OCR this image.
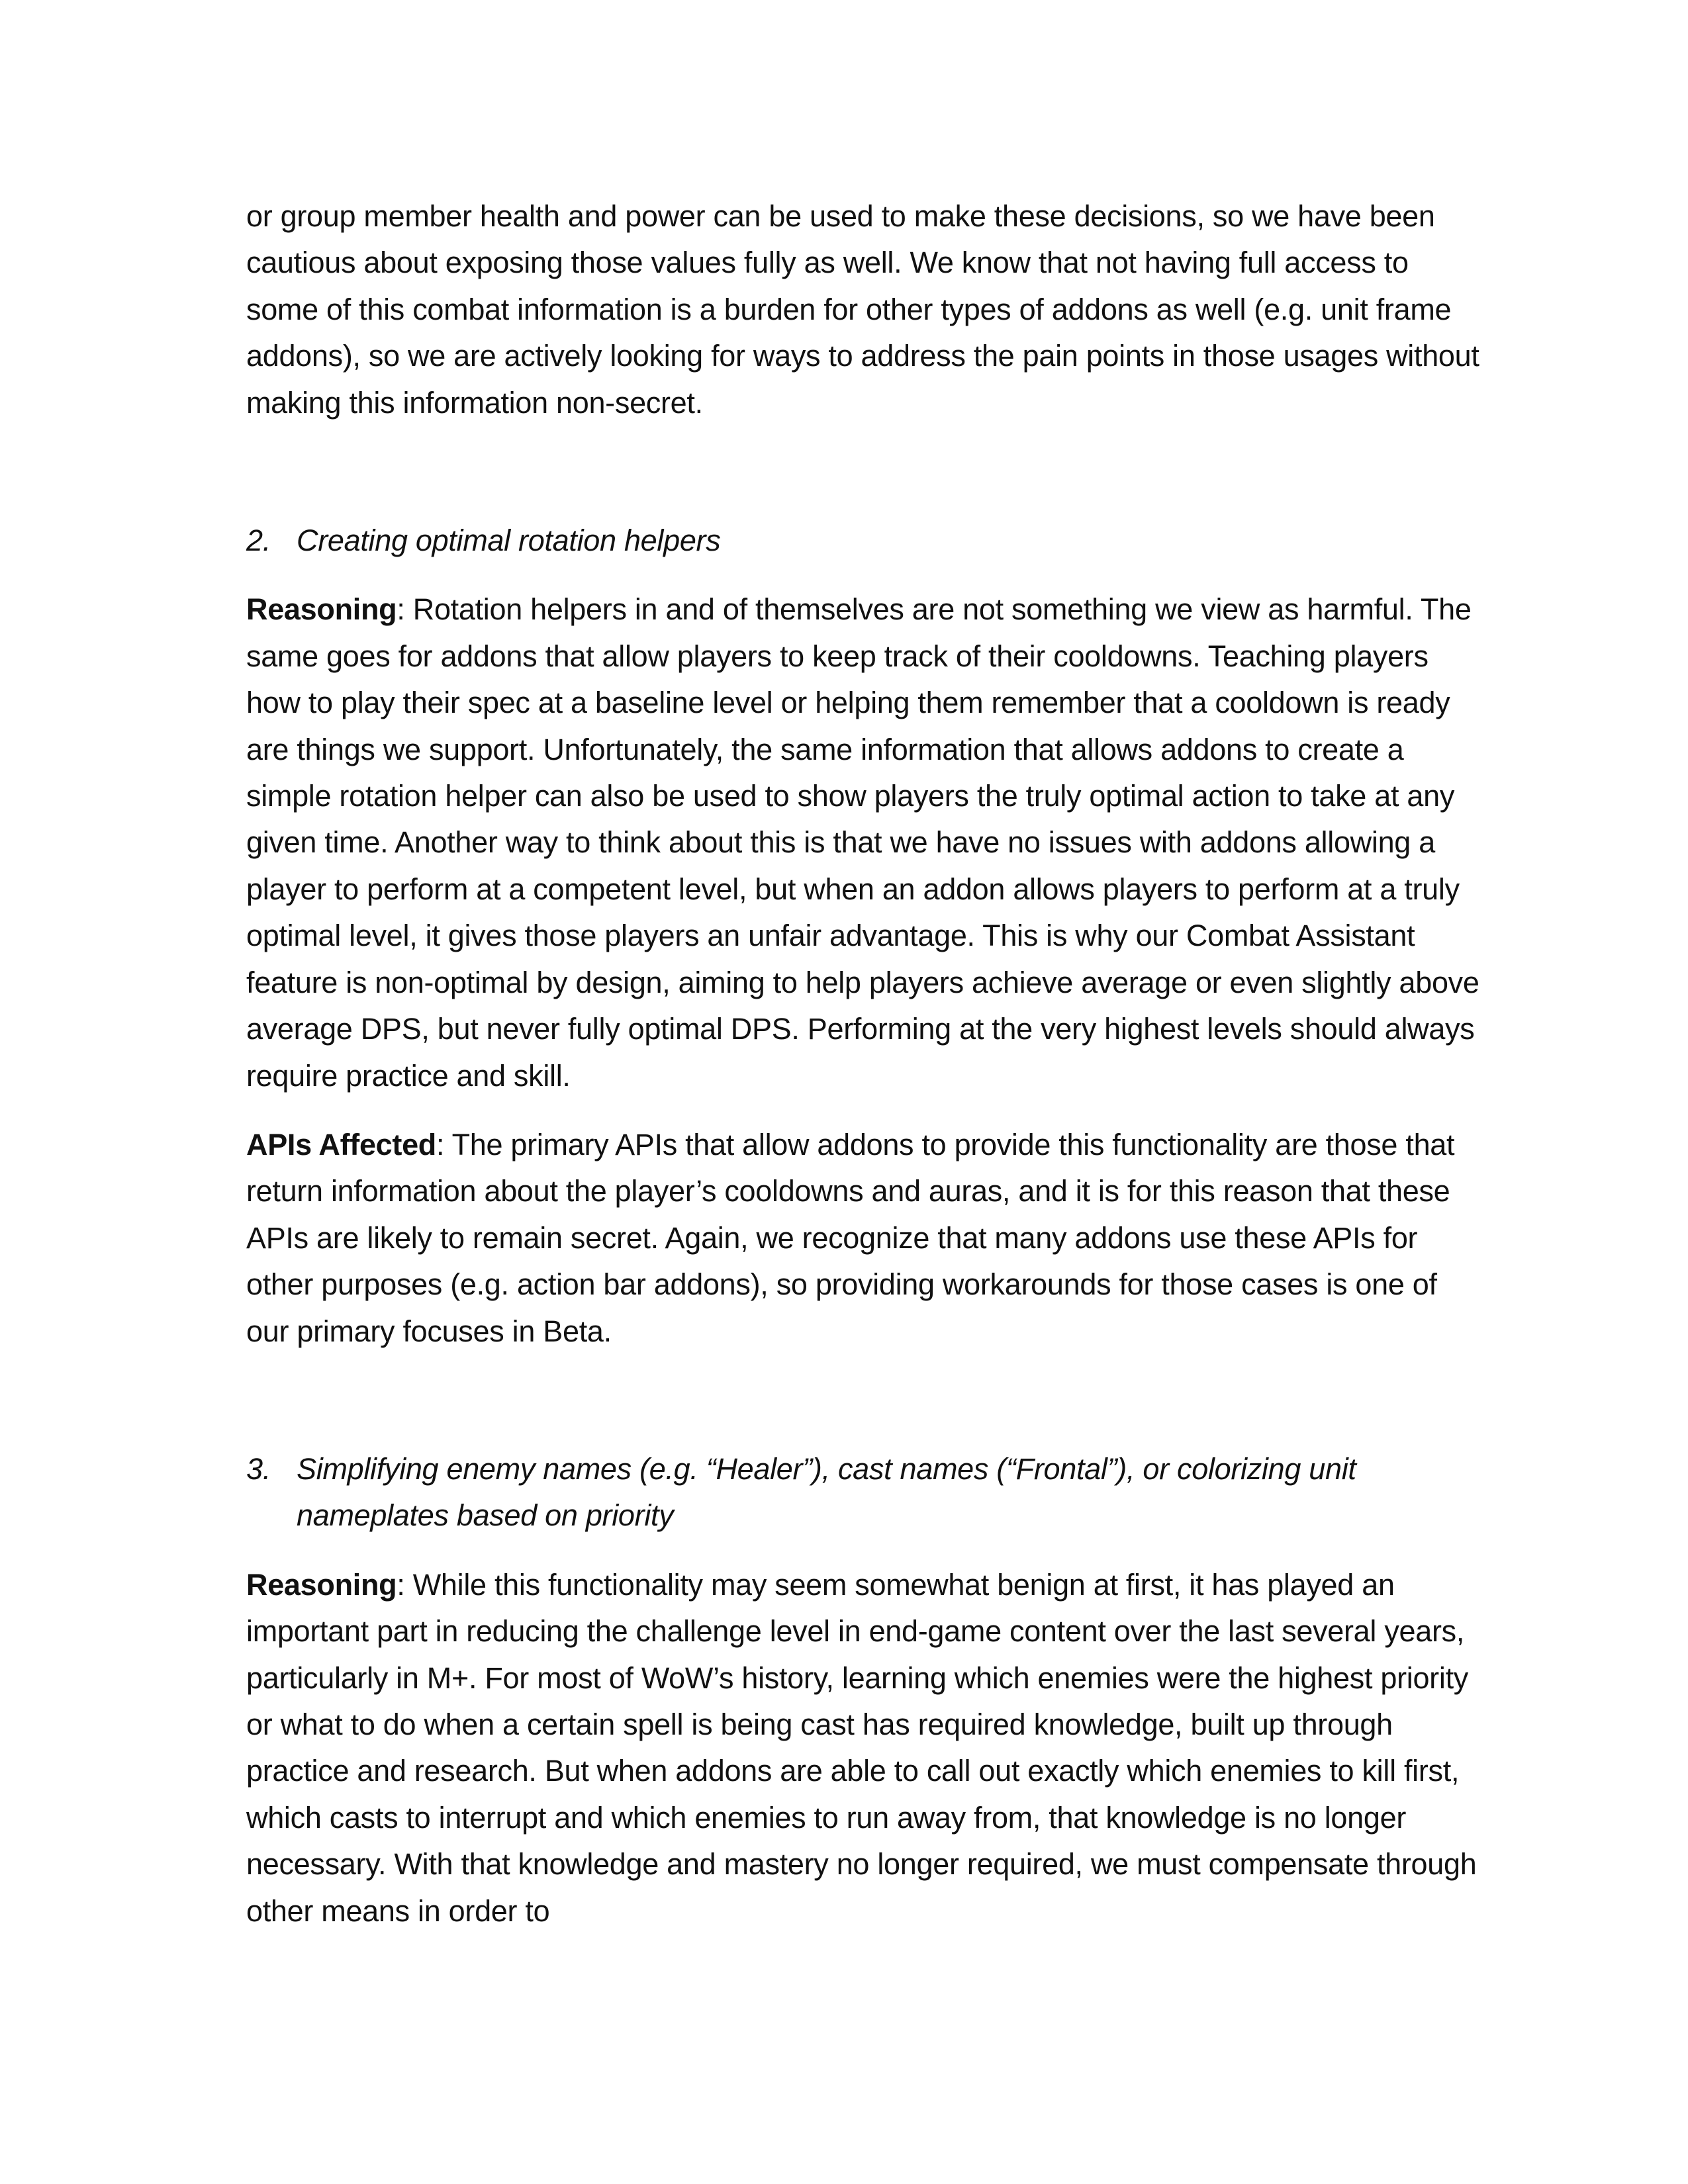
or group member health and power can be used to make these decisions, so we have been cautious about exposing those values fully as well. We know that not having full access to some of this combat information is a burden for other types of addons as well (e.g. unit frame addons), so we are actively looking for ways to address the pain points in those usages without making this information non-secret.

2. Creating optimal rotation helpers

Reasoning: Rotation helpers in and of themselves are not something we view as harmful. The same goes for addons that allow players to keep track of their cooldowns. Teaching players how to play their spec at a baseline level or helping them remember that a cooldown is ready are things we support. Unfortunately, the same information that allows addons to create a simple rotation helper can also be used to show players the truly optimal action to take at any given time. Another way to think about this is that we have no issues with addons allowing a player to perform at a competent level, but when an addon allows players to perform at a truly optimal level, it gives those players an unfair advantage. This is why our Combat Assistant feature is non-optimal by design, aiming to help players achieve average or even slightly above average DPS, but never fully optimal DPS. Performing at the very highest levels should always require practice and skill.

APIs Affected: The primary APIs that allow addons to provide this functionality are those that return information about the player’s cooldowns and auras, and it is for this reason that these APIs are likely to remain secret. Again, we recognize that many addons use these APIs for other purposes (e.g. action bar addons), so providing workarounds for those cases is one of our primary focuses in Beta.

3. Simplifying enemy names (e.g. “Healer”), cast names (“Frontal”), or colorizing unit nameplates based on priority

Reasoning: While this functionality may seem somewhat benign at first, it has played an important part in reducing the challenge level in end-game content over the last several years, particularly in M+. For most of WoW’s history, learning which enemies were the highest priority or what to do when a certain spell is being cast has required knowledge, built up through practice and research. But when addons are able to call out exactly which enemies to kill first, which casts to interrupt and which enemies to run away from, that knowledge is no longer necessary. With that knowledge and mastery no longer required, we must compensate through other means in order to
